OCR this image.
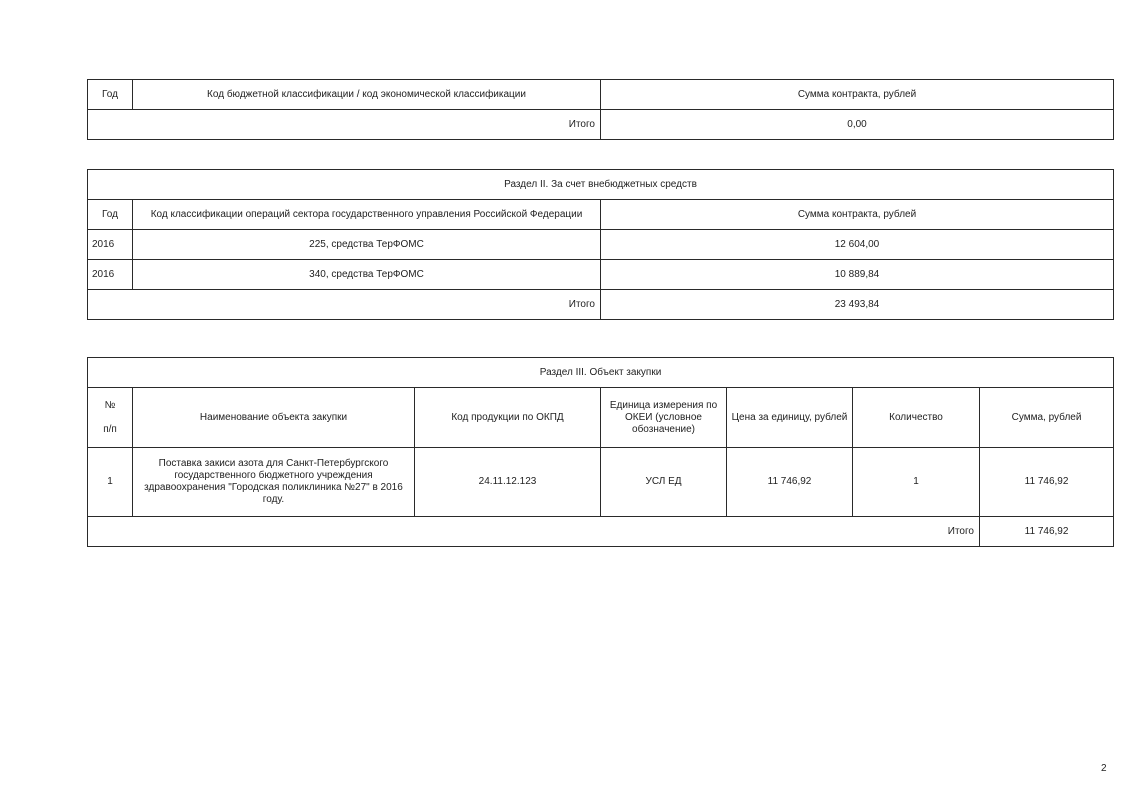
Год	Код бюджетной классификации / код экономической классификации	Сумма контракта, рублей
Итого		0,00
Раздел II. За счет внебюджетных средств		
Год	Код классификации операций сектора государственного управления Российской Федерации	Сумма контракта, рублей
2016	225, средства ТерФОМС	12 604,00
2016	340, средства ТерФОМС	10 889,84
Итого		23 493,84
Раздел III. Объект закупки						
№
п/п	Наименование объекта закупки	Код продукции по ОКПД	Единица измерения по ОКЕИ (условное обозначение)	Цена за единицу, рублей	Количество	Сумма, рублей
1	Поставка закиси азота для Санкт-Петербургского государственного бюджетного учреждения здравоохранения "Городская поликлиника №27" в 2016 году.	24.11.12.123	УСЛ ЕД	11 746,92	1	11 746,92
Итого						11 746,92
2
